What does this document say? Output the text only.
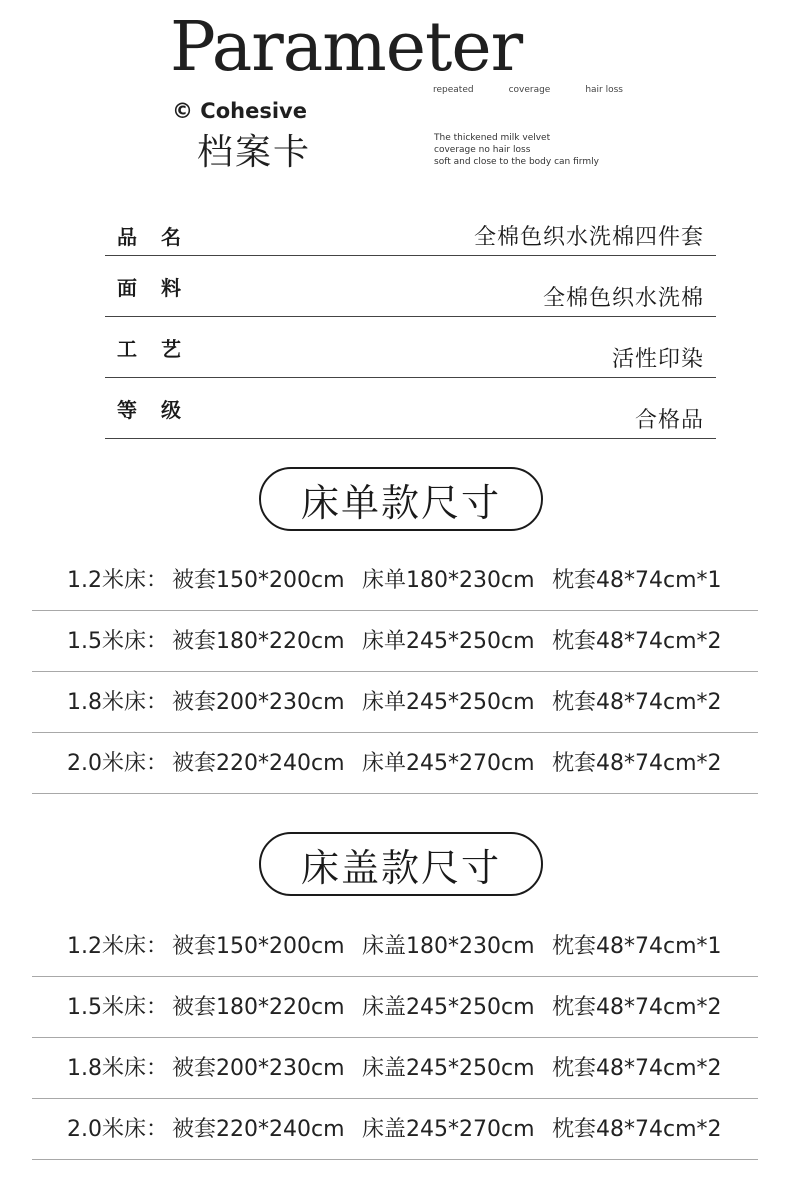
Parameter
repeated	coverage	hair loss
© Cohesive
档案卡	The thickened milk velvet
coverage no hair loss
soft and close to the body can firmly
品名	全棉色织水洗棉四件套
面料	全棉色织水洗棉
工艺	活性印染
等级	合格品
床单款尺寸
1.2米床： 被套150*200cm 床单180*230cm 枕套48*74cm*1
1.5米床： 被套180*220cm 床单245*250cm 枕套48*74cm*2
1.8米床： 被套200*230cm 床单245*250cm 枕套48*74cm*2
2.0米床： 被套220*240cm 床单245*270cm 枕套48*74cm*2
床盖款尺寸
1.2米床： 被套150*200cm 床盖180*230cm 枕套48*74cm*1
1.5米床： 被套180*220cm 床盖245*250cm 枕套48*74cm*2
1.8米床： 被套200*230cm 床盖245*250cm 枕套48*74cm*2
2.0米床： 被套220*240cm 床盖245*270cm 枕套48*74cm*2
